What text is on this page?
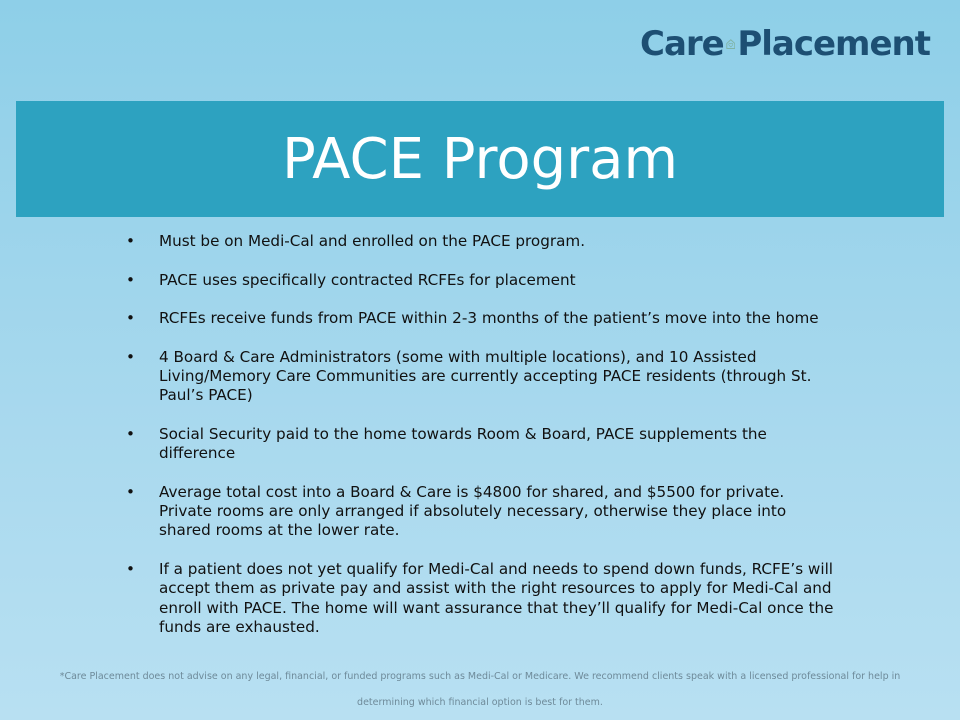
Care Placement
PACE Program
• Must be on Medi-Cal and enrolled on the PACE program.
• PACE uses specifically contracted RCFEs for placement
• RCFEs receive funds from PACE within 2-3 months of the patient’s move into the home
• 4 Board & Care Administrators (some with multiple locations), and 10 Assisted Living/Memory Care Communities are currently accepting PACE residents (through St. Paul’s PACE)
• Social Security paid to the home towards Room & Board, PACE supplements the difference
• Average total cost into a Board & Care is $4800 for shared, and $5500 for private. Private rooms are only arranged if absolutely necessary, otherwise they place into shared rooms at the lower rate.
• If a patient does not yet qualify for Medi-Cal and needs to spend down funds, RCFE’s will accept them as private pay and assist with the right resources to apply for Medi-Cal and enroll with PACE. The home will want assurance that they’ll qualify for Medi-Cal once the funds are exhausted.
*Care Placement does not advise on any legal, financial, or funded programs such as Medi-Cal or Medicare. We recommend clients speak with a licensed professional for help in
determining which financial option is best for them.
